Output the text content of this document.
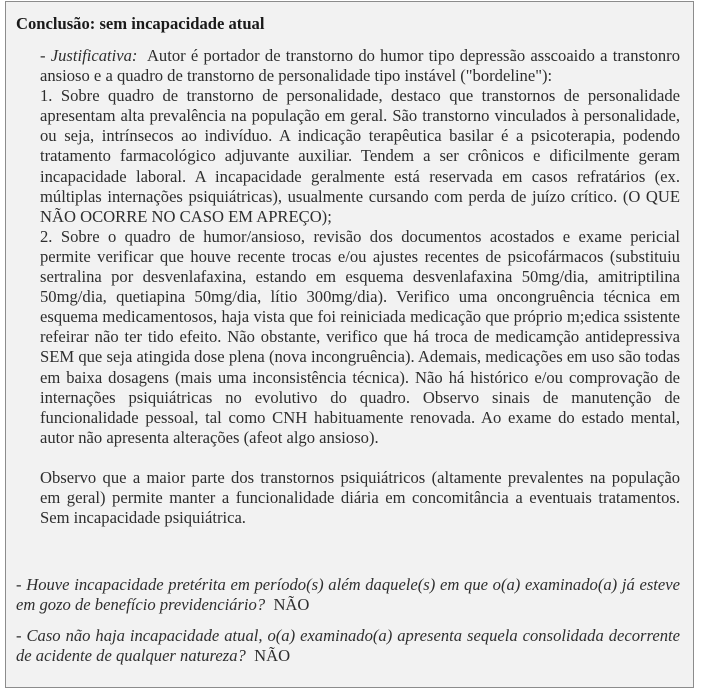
Conclusão: sem incapacidade atual

- Justificativa:  Autor é portador de transtorno do humor tipo depressão asscoaido a transtonro ansioso e a quadro de transtorno de personalidade tipo instável ("bordeline"):

1. Sobre quadro de transtorno de personalidade, destaco que transtornos de personalidade apresentam alta prevalência na população em geral. São transtorno vinculados à personalidade, ou seja, intrínsecos ao indivíduo. A indicação terapêutica basilar é a psicoterapia, podendo tratamento farmacológico adjuvante auxiliar. Tendem a ser crônicos e dificilmente geram incapacidade laboral. A incapacidade geralmente está reservada em casos refratários (ex. múltiplas internações psiquiátricas), usualmente cursando com perda de juízo crítico. (O QUE NÃO OCORRE NO CASO EM APREÇO);

2. Sobre o quadro de humor/ansioso, revisão dos documentos acostados e exame pericial permite verificar que houve recente trocas e/ou ajustes recentes de psicofármacos (substituiu sertralina por desvenlafaxina, estando em esquema desvenlafaxina 50mg/dia, amitriptilina 50mg/dia, quetiapina 50mg/dia, lítio 300mg/dia). Verifico uma oncongruência técnica em esquema medicamentosos, haja vista que foi reiniciada medicação que próprio m;edica ssistente refeirar não ter tido efeito. Não obstante, verifico que há troca de medicamção antidepressiva SEM que seja atingida dose plena (nova incongruência). Ademais, medicações em uso são todas em baixa dosagens (mais uma inconsistência técnica). Não há histórico e/ou comprovação de internações psiquiátricas no evolutivo do quadro. Observo sinais de manutenção de funcionalidade pessoal, tal como CNH habituamente renovada. Ao exame do estado mental, autor não apresenta alterações (afeot algo ansioso).

Observo que a maior parte dos transtornos psiquiátricos (altamente prevalentes na população em geral) permite manter a funcionalidade diária em concomitância a eventuais tratamentos. Sem incapacidade psiquiátrica.

- Houve incapacidade pretérita em período(s) além daquele(s) em que o(a) examinado(a) já esteve em gozo de benefício previdenciário? NÃO
- Caso não haja incapacidade atual, o(a) examinado(a) apresenta sequela consolidada decorrente de acidente de qualquer natureza? NÃO
